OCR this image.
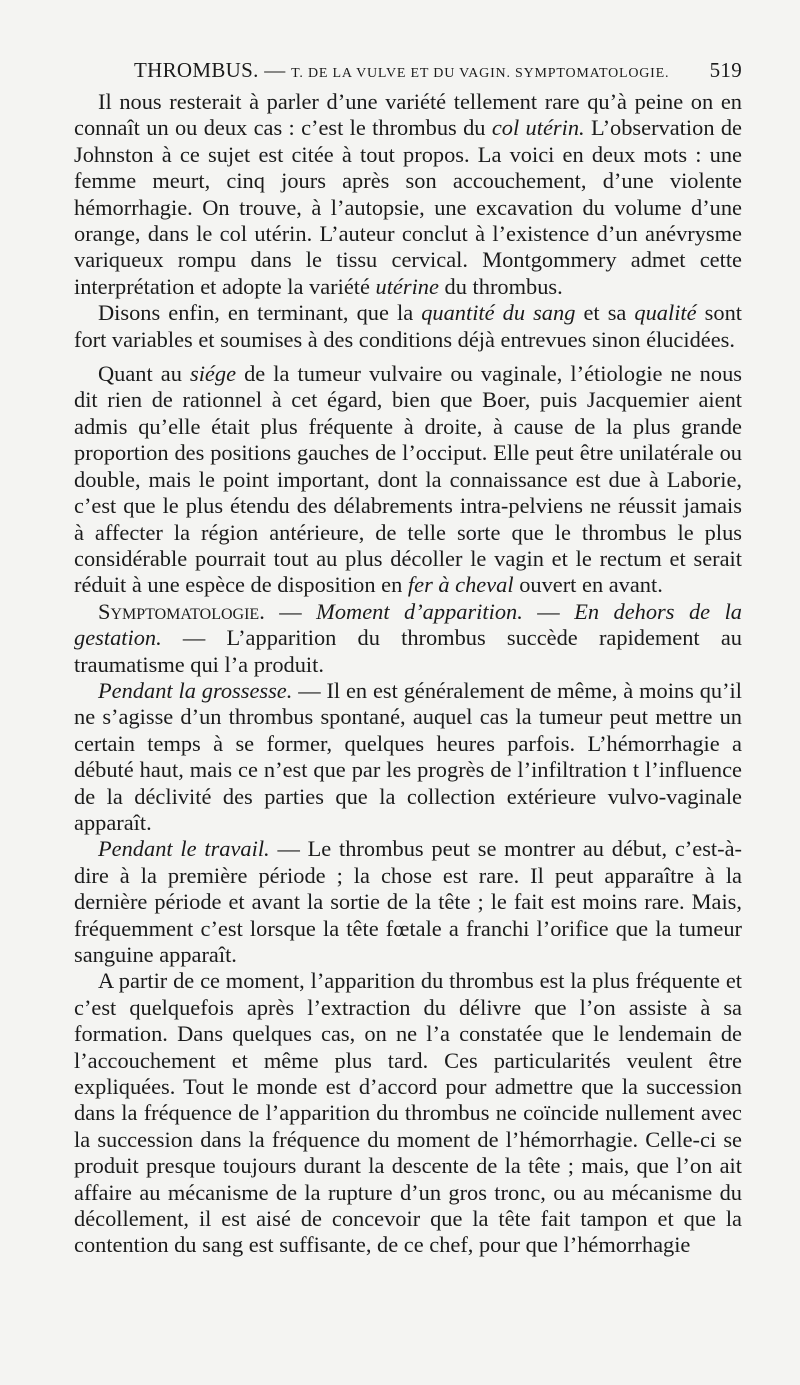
THROMBUS. — T. DE LA VULVE ET DU VAGIN. SYMPTOMATOLOGIE. 519

Il nous resterait à parler d’une variété tellement rare qu’à peine on en connaît un ou deux cas : c’est le thrombus du col utérin. L’observation de Johnston à ce sujet est citée à tout propos. La voici en deux mots : une femme meurt, cinq jours après son accouchement, d’une violente hémorrhagie. On trouve, à l’autopsie, une excavation du volume d’une orange, dans le col utérin. L’auteur conclut à l’existence d’un anévrysme variqueux rompu dans le tissu cervical. Montgommery admet cette interprétation et adopte la variété utérine du thrombus.

Disons enfin, en terminant, que la quantité du sang et sa qualité sont fort variables et soumises à des conditions déjà entrevues sinon élucidées.

Quant au siége de la tumeur vulvaire ou vaginale, l’étiologie ne nous dit rien de rationnel à cet égard, bien que Boer, puis Jacquemier aient admis qu’elle était plus fréquente à droite, à cause de la plus grande proportion des positions gauches de l’occiput. Elle peut être unilatérale ou double, mais le point important, dont la connaissance est due à Laborie, c’est que le plus étendu des délabrements intra-pelviens ne réussit jamais à affecter la région antérieure, de telle sorte que le thrombus le plus considérable pourrait tout au plus décoller le vagin et le rectum et serait réduit à une espèce de disposition en fer à cheval ouvert en avant.

Symptomatologie. — Moment d’apparition. — En dehors de la gestation. — L’apparition du thrombus succède rapidement au traumatisme qui l’a produit.

Pendant la grossesse. — Il en est généralement de même, à moins qu’il ne s’agisse d’un thrombus spontané, auquel cas la tumeur peut mettre un certain temps à se former, quelques heures parfois. L’hémorrhagie a débuté haut, mais ce n’est que par les progrès de l’infiltration t l’influence de la déclivité des parties que la collection extérieure vulvo-vaginale apparaît.

Pendant le travail. — Le thrombus peut se montrer au début, c’est-à-dire à la première période ; la chose est rare. Il peut apparaître à la dernière période et avant la sortie de la tête ; le fait est moins rare. Mais, fréquemment c’est lorsque la tête fœtale a franchi l’orifice que la tumeur sanguine apparaît.

A partir de ce moment, l’apparition du thrombus est la plus fréquente et c’est quelquefois après l’extraction du délivre que l’on assiste à sa formation. Dans quelques cas, on ne l’a constatée que le lendemain de l’accouchement et même plus tard. Ces particularités veulent être expliquées. Tout le monde est d’accord pour admettre que la succession dans la fréquence de l’apparition du thrombus ne coïncide nullement avec la succession dans la fréquence du moment de l’hémorrhagie. Celle-ci se produit presque toujours durant la descente de la tête ; mais, que l’on ait affaire au mécanisme de la rupture d’un gros tronc, ou au mécanisme du décollement, il est aisé de concevoir que la tête fait tampon et que la contention du sang est suffisante, de ce chef, pour que l’hémorrhagie
